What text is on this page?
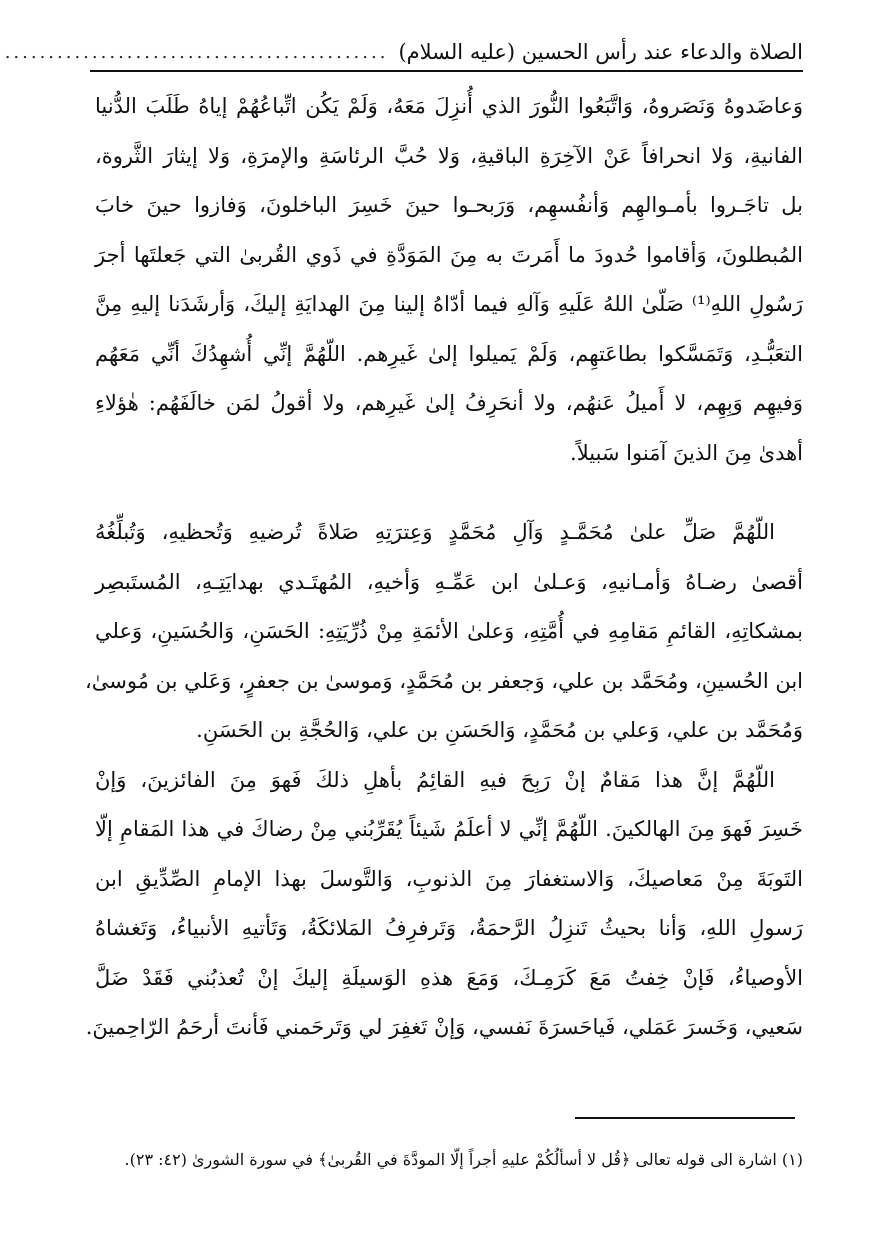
الصلاة والدعاء عند رأس الحسين (عليه السلام)
............................................
وَعاضَدوهُ وَنَصَروهُ، وَاتَّبَعُوا النُّورَ الذي أُنزِلَ مَعَهُ، وَلَمْ يَكُن اتِّباعُهُمْ إياهُ طَلَبَ الدُّنيا
الفانيةِ، وَلا انحرافاً عَنْ الآخِرَةِ الباقيةِ، وَلا حُبَّ الرئاسَةِ والإمرَةِ، وَلا إيثارَ الثَّروة،
بل تاجَـروا بأمـوالهِم وَأنفُسهِم، وَرَبحـوا حينَ خَسِرَ الباخلونَ، وَفازوا حينَ خابَ
المُبطلونَ، وَأقاموا حُدودَ ما أَمَرتَ به مِنَ المَوَدَّةِ في ذَوي القُربىٰ التي جَعلتَها أجرَ
رَسُولِ اللهِ⁽¹⁾ صَلّىٰ اللهُ عَلَيهِ وَآلهِ فيما أدّاهُ إلينا مِنَ الهدايَةِ إليكَ، وَأرشَدَنا إليهِ مِنَّ
التعَبُّـدِ، وَتَمَسَّكوا بطاعَتهِم، وَلَمْ يَميلوا إلىٰ غَيرِهم. اللّهُمَّ إنِّي أُشهِدُكَ أنِّي مَعَهُم
وَفيهِم وَبِهِم، لا أَميلُ عَنهُم، ولا أنحَرِفُ إلىٰ غَيرِهم، ولا أقولُ لمَن خالَفَهُم: هٰؤلاءِ
أهدىٰ مِنَ الذينَ آمَنوا سَبيلاً.
اللّهُمَّ صَلِّ علىٰ مُحَمَّـدٍ وَآلِ مُحَمَّدٍ وَعِترَتِهِ صَلاةً تُرضيهِ وَتُحظيهِ، وَتُبلِّغُهُ
أقصىٰ رضـاهُ وَأمـانيهِ، وَعـلىٰ ابن عَمِّـهِ وَأخيهِ، المُهتَـدي بهدايَتِـهِ، المُستَبصِر
بمشكاتِهِ، القائمِ مَقامِهِ في أُمَّتِهِ، وَعلىٰ الأئمَةِ مِنْ ذُرِّيَتِهِ: الحَسَنِ، وَالحُسَينِ، وَعلي
ابن الحُسينِ، ومُحَمَّد بن علي، وَجعفر بن مُحَمَّدٍ، وَموسىٰ بن جعفرٍ، وَعَلي بن مُوسىٰ،
وَمُحَمَّد بن علي، وَعلي بن مُحَمَّدٍ، وَالحَسَنِ بن علي، وَالحُجَّةِ بن الحَسَنِ.
اللّهُمَّ إنَّ هذا مَقامٌ إنْ رَبِحَ فيهِ القائِمُ بأهلِ ذلكَ فَهوَ مِنَ الفائزينَ، وَإنْ
خَسِرَ فَهوَ مِنَ الهالكينَ. اللّهُمَّ إنِّي لا أعلَمُ شَيئاً يُقَرِّبُني مِنْ رضاكَ في هذا المَقامِ إلّا
التَوبَةَ مِنْ مَعاصيكَ، وَالاستغفارَ مِنَ الذنوبِ، وَالتَّوسلَ بهذا الإمامِ الصِّدِّيقِ ابن
رَسولِ اللهِ، وَأنا بحيثُ تَنزِلُ الرَّحمَةُ، وَتَرفرِفُ المَلائكَةُ، وَتَأتيهِ الأنبياءُ، وَتَغشاهُ
الأوصياءُ، فَإنْ خِفتُ مَعَ كَرَمِـكَ، وَمَعَ هذهِ الوَسيلَةِ إليكَ إنْ تُعذبُني فَقَدْ ضَلَّ
سَعيي، وَخَسرَ عَمَلي، فَياحَسرَةَ نَفسي، وَإنْ تَغفِرَ لي وَتَرحَمني فَأنتَ أرحَمُ الرّاحِمينَ.
(١) اشارة الى قوله تعالى ﴿قُل لا أسألُكُمْ عليهِ أجراً إلّا المودَّةَ في القُربىٰ﴾ في سورة الشورىٰ (٤٢: ٢٣).
